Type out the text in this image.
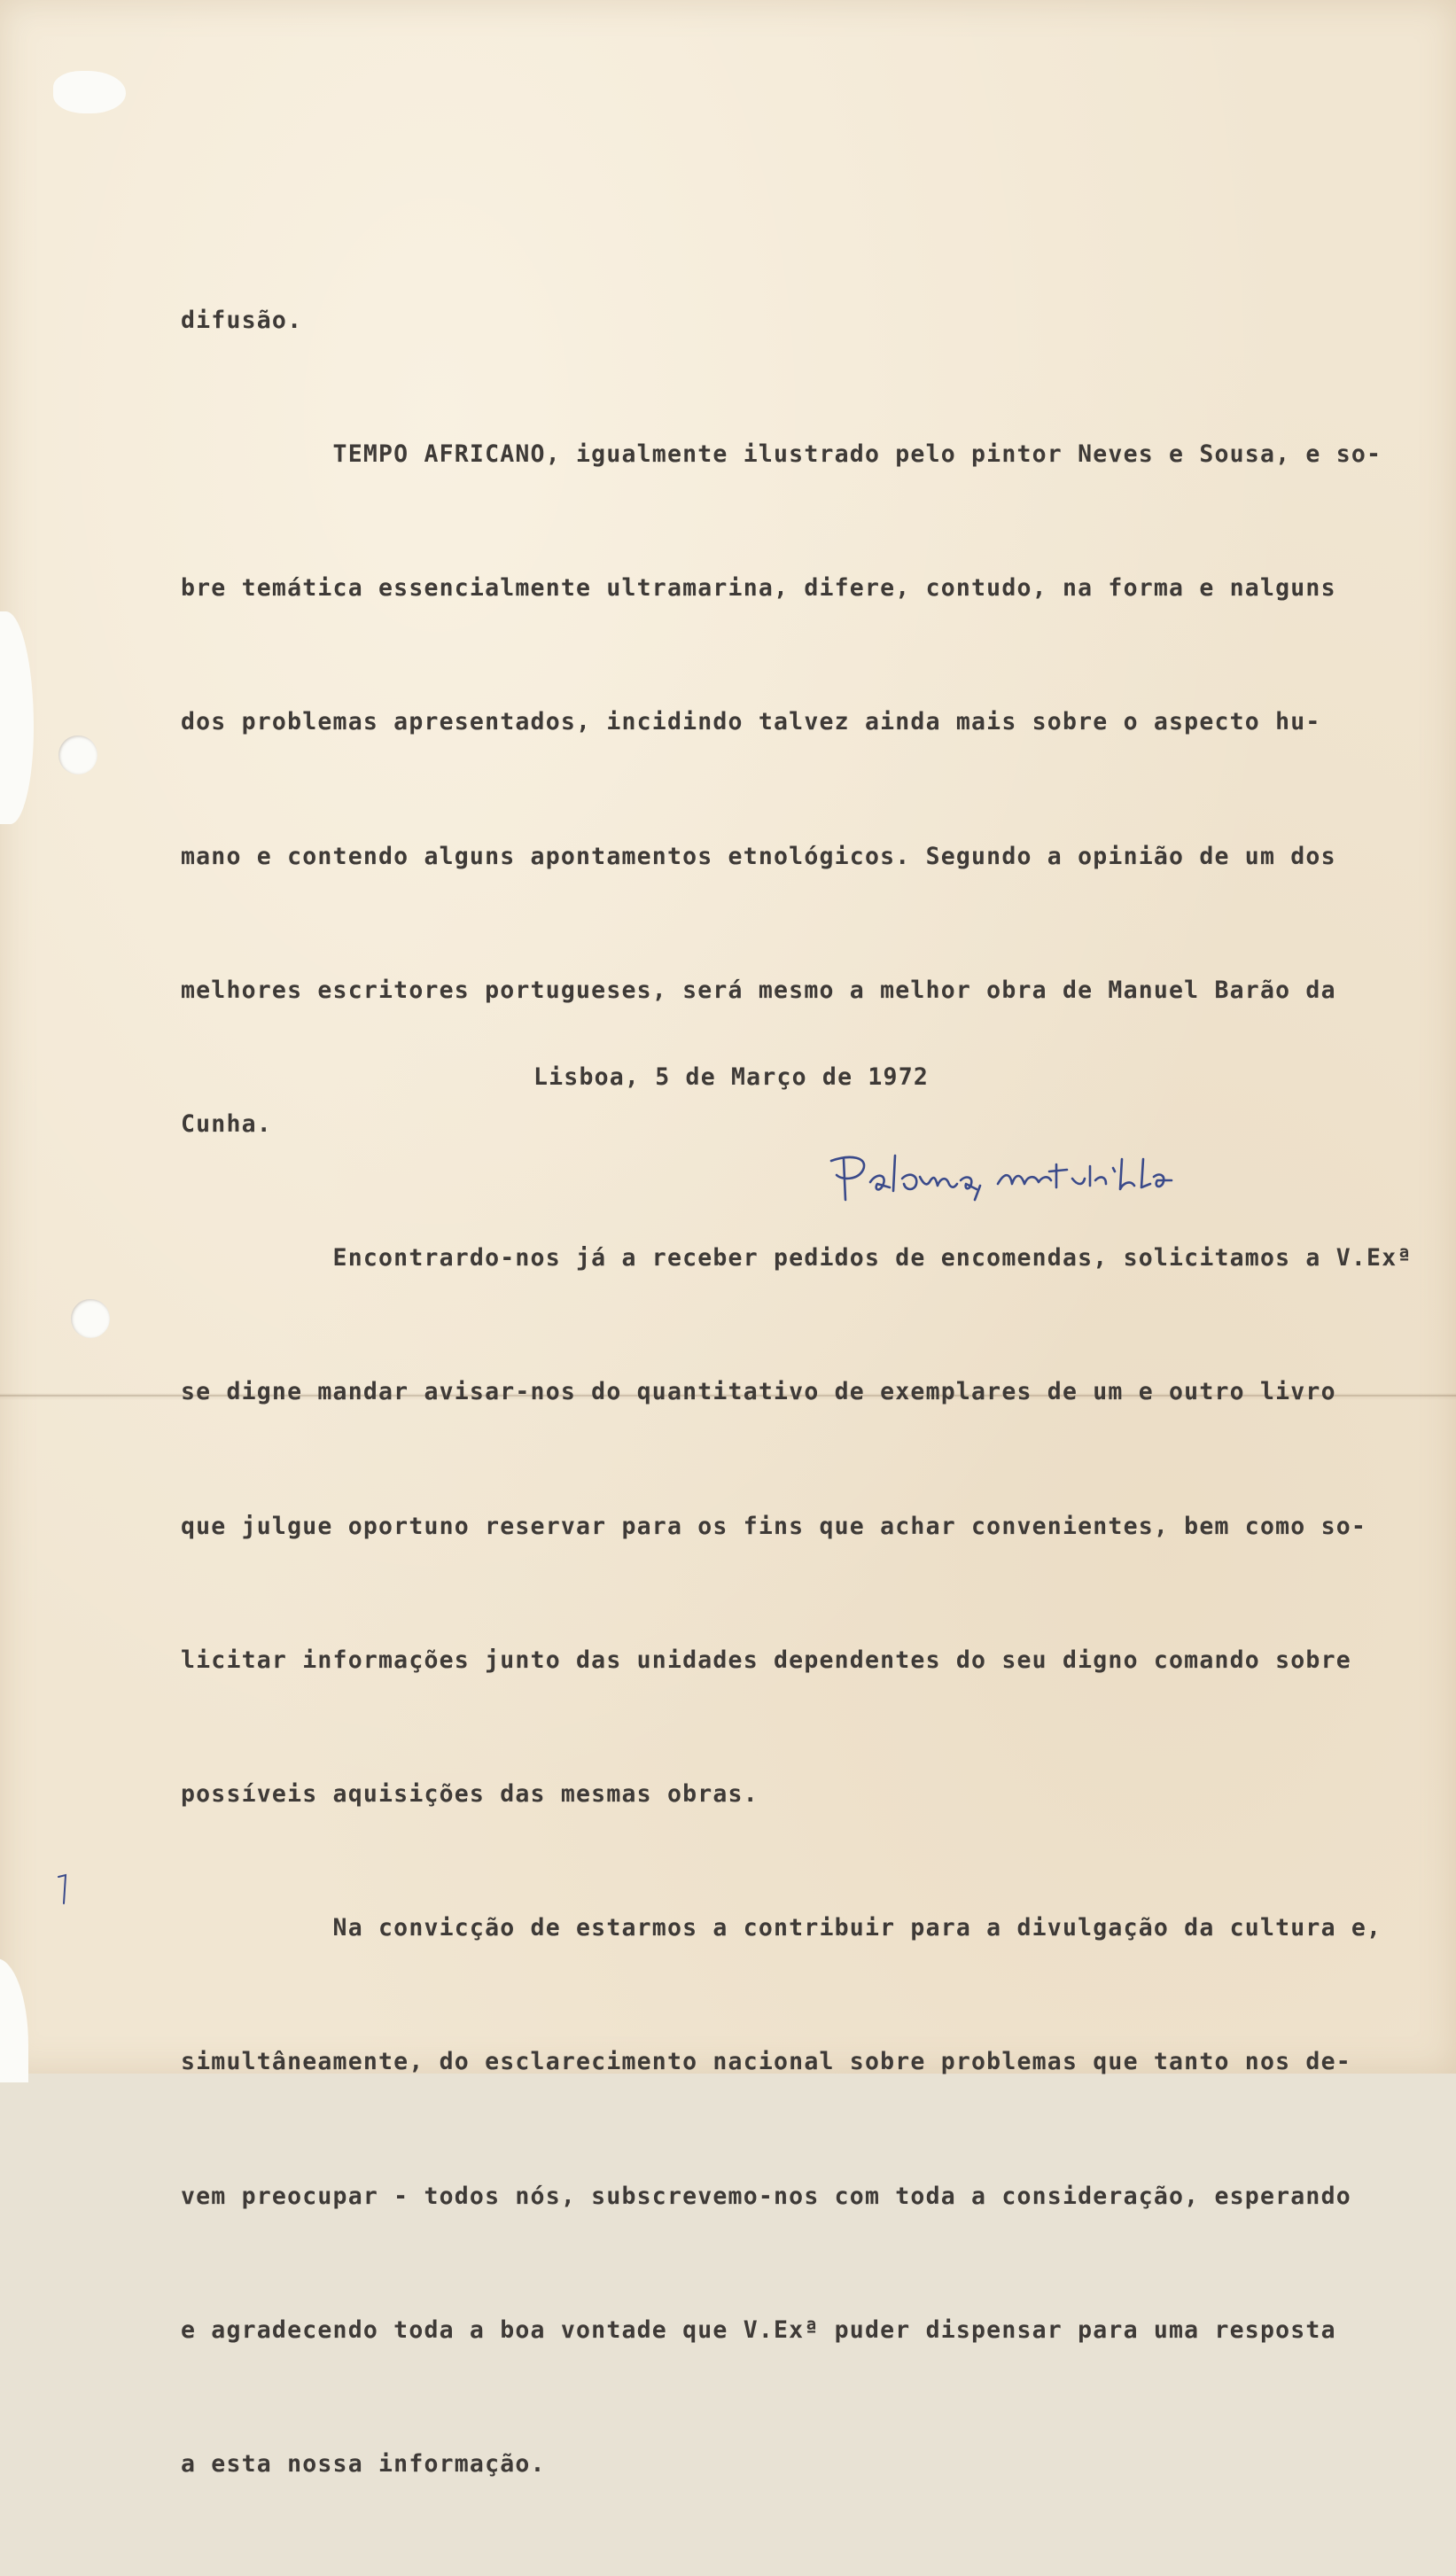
difusão.

TEMPO AFRICANO, igualmente ilustrado pelo pintor Neves e Sousa, e so-

bre temática essencialmente ultramarina, difere, contudo, na forma e nalguns

dos problemas apresentados, incidindo talvez ainda mais sobre o aspecto hu-

mano e contendo alguns apontamentos etnológicos. Segundo a opinião de um dos

melhores escritores portugueses, será mesmo a melhor obra de Manuel Barão da

Cunha.

Encontrardo-nos já a receber pedidos de encomendas, solicitamos a V.Exª

se digne mandar avisar-nos do quantitativo de exemplares de um e outro livro

que julgue oportuno reservar para os fins que achar convenientes, bem como so-

licitar informações junto das unidades dependentes do seu digno comando sobre

possíveis aquisições das mesmas obras.

Na convicção de estarmos a contribuir para a divulgação da cultura e,

simultâneamente, do esclarecimento nacional sobre problemas que tanto nos de-

vem preocupar - todos nós, subscrevemo-nos com toda a consideração, esperando

e agradecendo toda a boa vontade que V.Exª puder dispensar para uma resposta

a esta nossa informação.

Lisboa, 5 de Março de 1972
